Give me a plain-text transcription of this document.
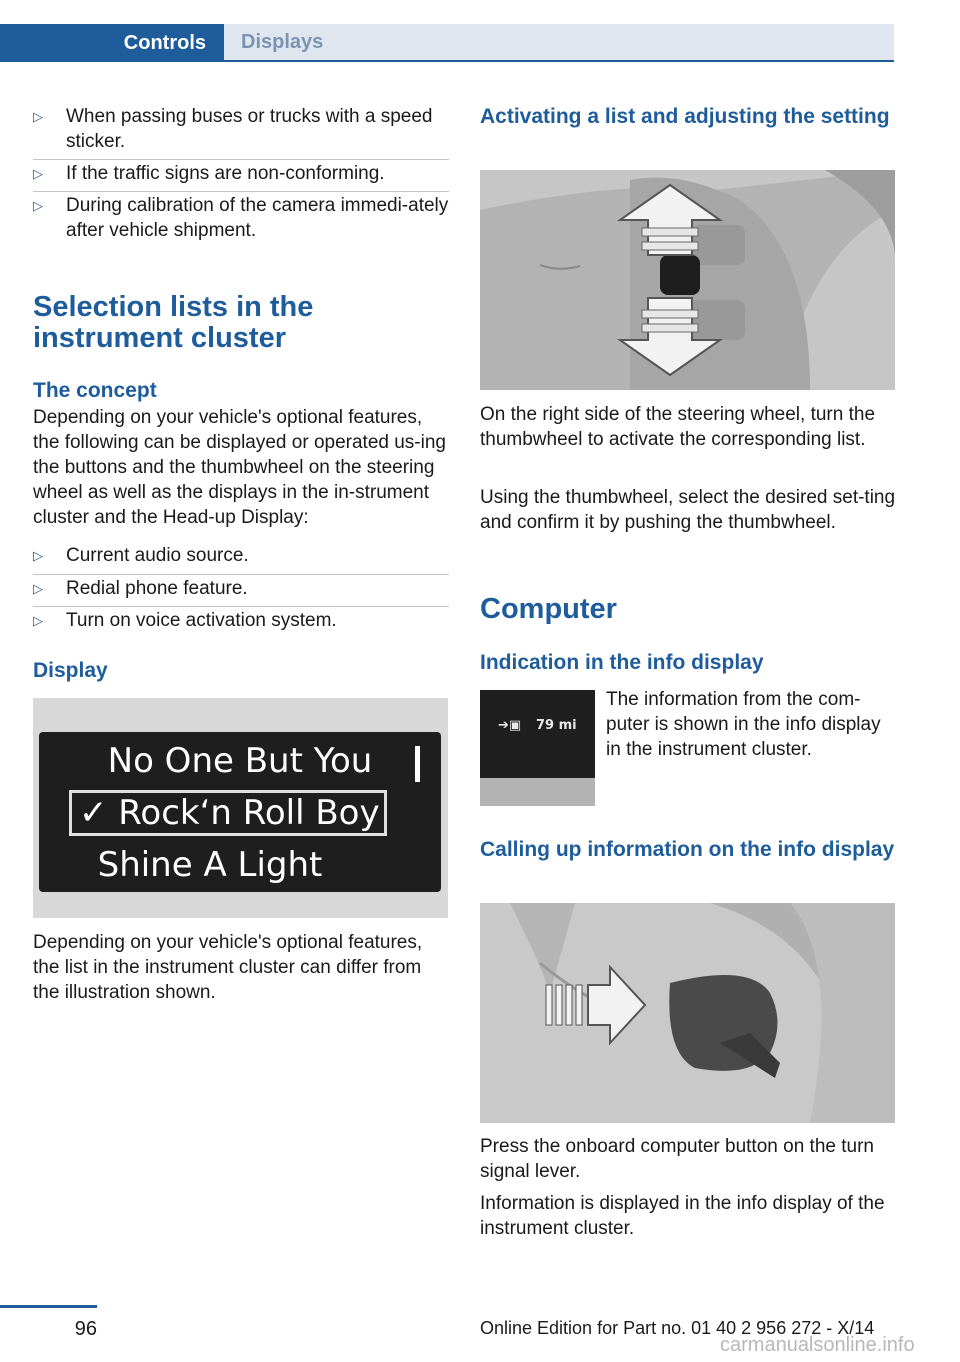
Controls	Displays
▷ When passing buses or trucks with a speed sticker.
▷ If the traffic signs are non-conforming.
▷ During calibration of the camera immedi‐ately after vehicle shipment.
Selection lists in the instrument cluster
The concept
Depending on your vehicle's optional features, the following can be displayed or operated us‐ing the buttons and the thumbwheel on the steering wheel as well as the displays in the in‐strument cluster and the Head-up Display:
▷ Current audio source.
▷ Redial phone feature.
▷ Turn on voice activation system.
Display
No One But You
✓ Rock‘n Roll Boy
Shine A Light
Depending on your vehicle's optional features, the list in the instrument cluster can differ from the illustration shown.
Activating a list and adjusting the setting
On the right side of the steering wheel, turn the thumbwheel to activate the corresponding list.
Using the thumbwheel, select the desired set‐ting and confirm it by pushing the thumbwheel.
Computer
Indication in the info display
➔▣ 79 mi
The information from the com‐puter is shown in the info display in the instrument cluster.
Calling up information on the info display
Press the onboard computer button on the turn signal lever.
Information is displayed in the info display of the instrument cluster.
96	Online Edition for Part no. 01 40 2 956 272 - X/14
carmanualsonline.info
